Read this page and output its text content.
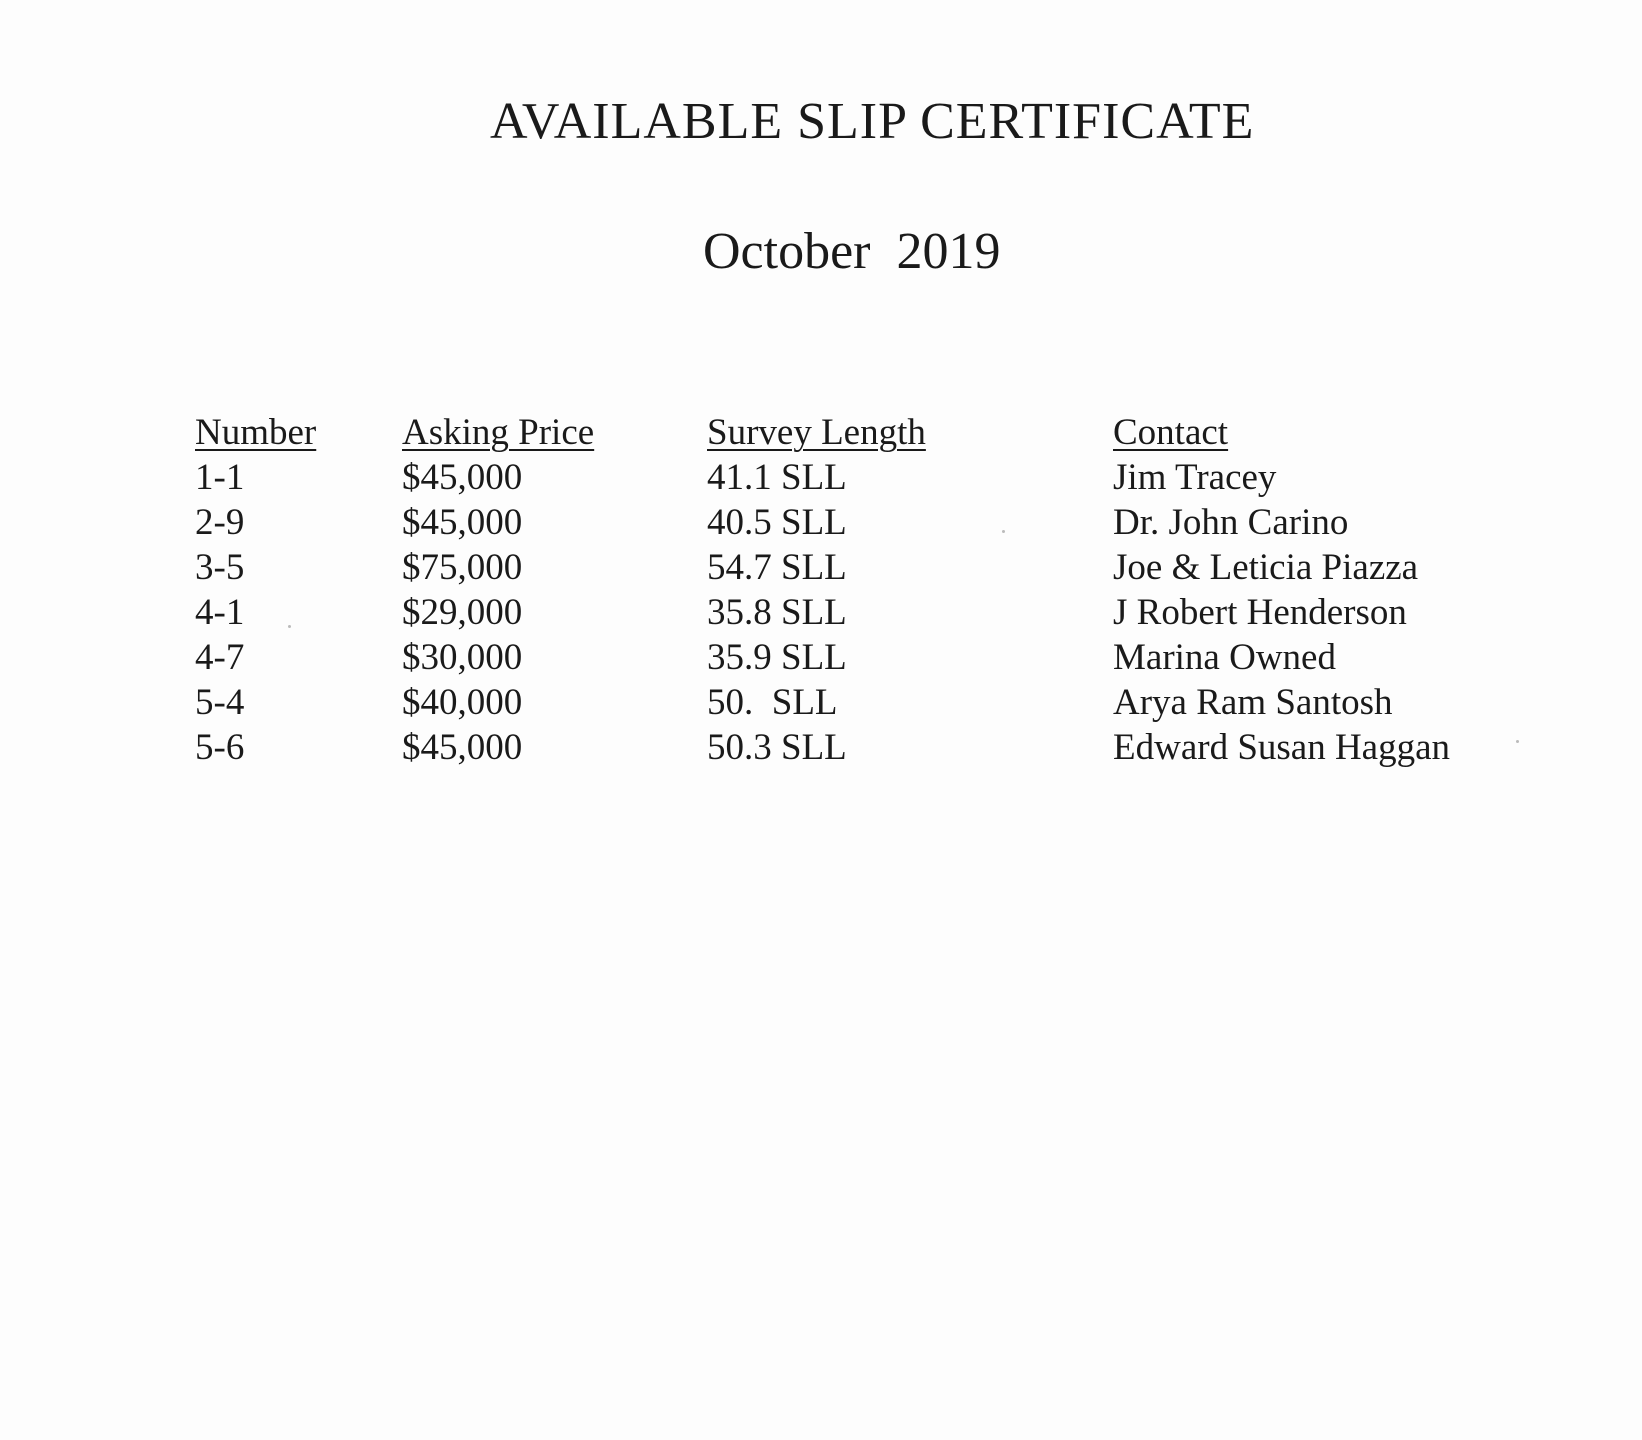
AVAILABLE SLIP CERTIFICATE
October  2019
Number Asking Price	Survey Length	Contact
1-1	$45,000	41.1 SLL	Jim Tracey
2-9	$45,000	40.5 SLL	Dr. John Carino
3-5	$75,000	54.7 SLL	Joe & Leticia Piazza
4-1	$29,000	35.8 SLL	J Robert Henderson
4-7	$30,000	35.9 SLL	Marina Owned
5-4	$40,000	50.  SLL	Arya Ram Santosh
5-6	$45,000	50.3 SLL	Edward Susan Haggan
